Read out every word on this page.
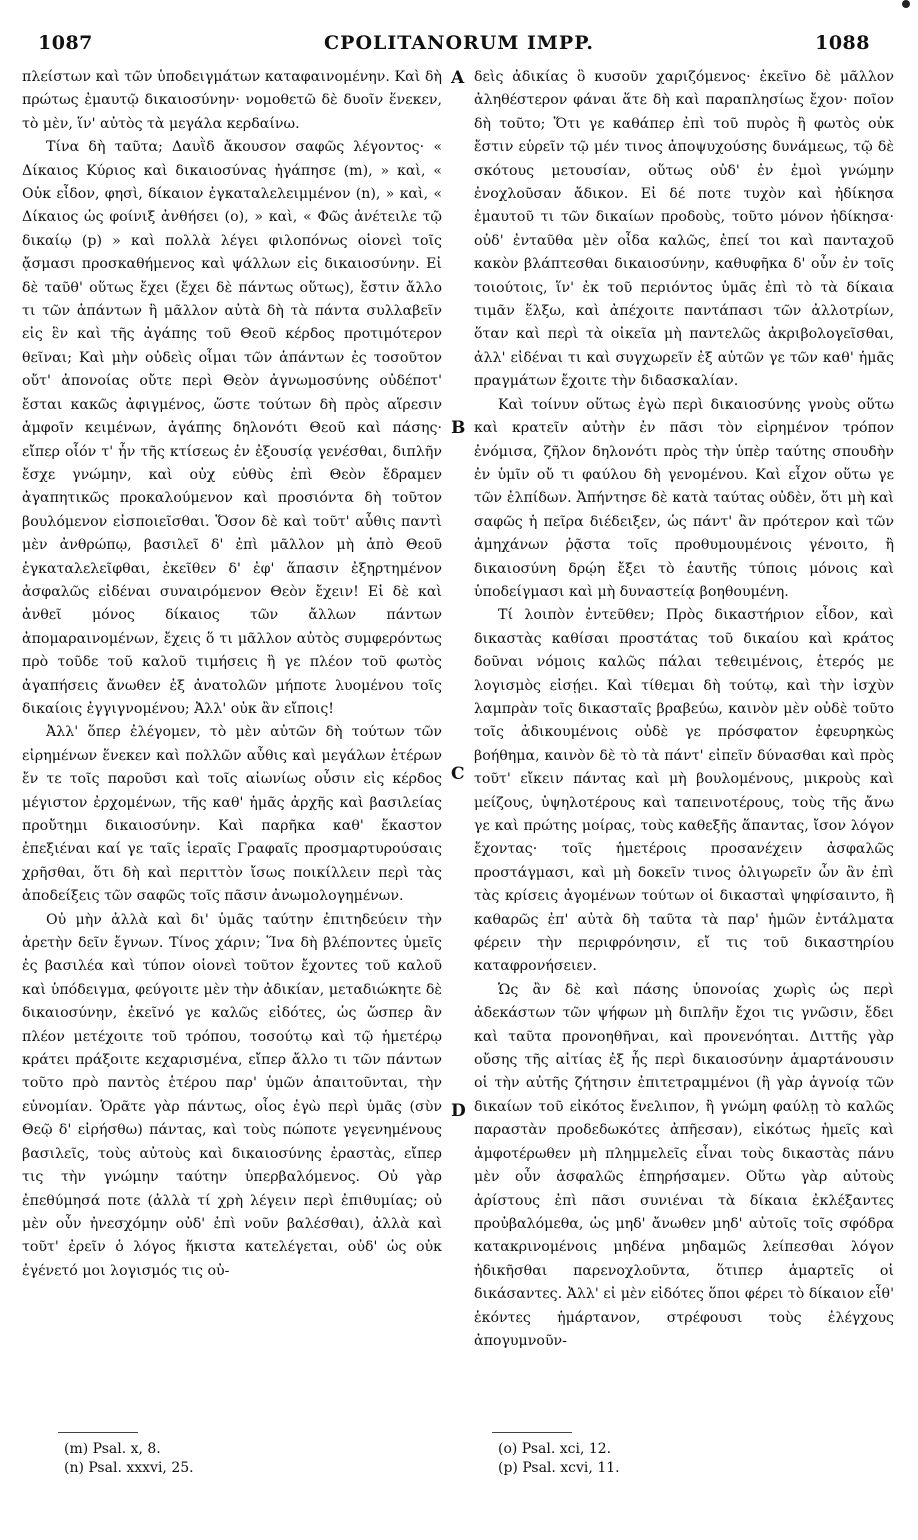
1087	CPOLITANORUM IMPP.	1088

πλείστων καὶ τῶν ὑποδειγμάτων καταφαινομένην. Καὶ δὴ πρώτως ἐμαυτῷ δικαιοσύνην· νομοθετῶ δὲ δυοῖν ἕνεκεν, τὸ μὲν, ἵν' αὐτὸς τὰ μεγάλα κερδαίνω.

Τίνα δὴ ταῦτα; Δαυῒδ ἄκουσον σαφῶς λέγοντος· « Δίκαιος Κύριος καὶ δικαιοσύνας ἠγάπησε (m), » καὶ, « Οὐκ εἶδον, φησὶ, δίκαιον ἐγκαταλελειμμένον (n), » καὶ, « Δίκαιος ὡς φοίνιξ ἀνθήσει (o), » καὶ, « Φῶς ἀνέτειλε τῷ δικαίῳ (p) » καὶ πολλὰ λέγει φιλοπόνως οἱονεὶ τοῖς ᾄσμασι προσκαθήμενος καὶ ψάλλων εἰς δικαιοσύνην. Εἰ δὲ ταῦθ' οὕτως ἔχει (ἔχει δὲ πάντως οὕτως), ἔστιν ἄλλο τι τῶν ἁπάντων ἢ μᾶλλον αὐτὰ δὴ τὰ πάντα συλλαβεῖν εἰς ἓν καὶ τῆς ἀγάπης τοῦ Θεοῦ κέρδος προτιμότερον θεῖναι; Καὶ μὴν οὐδεὶς οἶμαι τῶν ἁπάντων ἐς τοσοῦτον οὔτ' ἀπονοίας οὔτε περὶ Θεὸν ἀγνωμοσύνης οὐδέποτ' ἔσται κακῶς ἀφιγμένος, ὥστε τούτων δὴ πρὸς αἵρεσιν ἀμφοῖν κειμένων, ἀγάπης δηλονότι Θεοῦ καὶ πάσης· εἴπερ οἷόν τ' ἦν τῆς κτίσεως ἐν ἐξουσίᾳ γενέσθαι, διπλῆν ἔσχε γνώμην, καὶ οὐχ εὐθὺς ἐπὶ Θεὸν ἔδραμεν ἀγαπητικῶς προκαλούμενον καὶ προσιόντα δὴ τοῦτον βουλόμενον εἰσποιεῖσθαι. Ὅσον δὲ καὶ τοῦτ' αὖθις παντὶ μὲν ἀνθρώπῳ, βασιλεῖ δ' ἐπὶ μᾶλλον μὴ ἀπὸ Θεοῦ ἐγκαταλελεῖφθαι, ἐκεῖθεν δ' ἐφ' ἅπασιν ἐξηρτημένον ἀσφαλῶς εἰδέναι συναιρόμενον Θεὸν ἔχειν! Εἰ δὲ καὶ ἀνθεῖ μόνος δίκαιος τῶν ἄλλων πάντων ἀπομαραινομένων, ἔχεις ὅ τι μᾶλλον αὐτὸς συμφερόντως πρὸ τοῦδε τοῦ καλοῦ τιμήσεις ἢ γε πλέον τοῦ φωτὸς ἀγαπήσεις ἄνωθεν ἐξ ἀνατολῶν μήποτε λυομένου τοῖς δικαίοις ἐγγιγνομένου; Ἀλλ' οὐκ ἂν εἴποις!

Ἀλλ' ὅπερ ἐλέγομεν, τὸ μὲν αὐτῶν δὴ τούτων τῶν εἰρημένων ἕνεκεν καὶ πολλῶν αὖθις καὶ μεγάλων ἑτέρων ἔν τε τοῖς παροῦσι καὶ τοῖς αἰωνίως οὖσιν εἰς κέρδος μέγιστον ἐρχομένων, τῆς καθ' ἡμᾶς ἀρχῆς καὶ βασιλείας προὔτημι δικαιοσύνην. Καὶ παρῆκα καθ' ἕκαστον ἐπεξιέναι καί γε ταῖς ἱεραῖς Γραφαῖς προσμαρτυρούσαις χρῆσθαι, ὅτι δὴ καὶ περιττὸν ἴσως ποικίλλειν περὶ τὰς ἀποδείξεις τῶν σαφῶς τοῖς πᾶσιν ἀνωμολογημένων.

Οὐ μὴν ἀλλὰ καὶ δι' ὑμᾶς ταύτην ἐπιτηδεύειν τὴν ἀρετὴν δεῖν ἔγνων. Τίνος χάριν; Ἵνα δὴ βλέποντες ὑμεῖς ἐς βασιλέα καὶ τύπον οἱονεὶ τοῦτον ἔχοντες τοῦ καλοῦ καὶ ὑπόδειγμα, φεύγοιτε μὲν τὴν ἀδικίαν, μεταδιώκητε δὲ δικαιοσύνην, ἐκεῖνό γε καλῶς εἰδότες, ὡς ὥσπερ ἂν πλέον μετέχοιτε τοῦ τρόπου, τοσούτῳ καὶ τῷ ἡμετέρῳ κράτει πράξοιτε κεχαρισμένα, εἴπερ ἄλλο τι τῶν πάντων τοῦτο πρὸ παντὸς ἑτέρου παρ' ὑμῶν ἀπαιτοῦνται, τὴν εὐνομίαν. Ὁρᾶτε γὰρ πάντως, οἷος ἐγὼ περὶ ὑμᾶς (σὺν Θεῷ δ' εἰρήσθω) πάντας, καὶ τοὺς πώποτε γεγενημένους βασιλεῖς, τοὺς αὐτοὺς καὶ δικαιοσύνης ἐραστὰς, εἴπερ τις τὴν γνώμην ταύτην ὑπερβαλόμενος. Οὐ γὰρ ἐπεθύμησά ποτε (ἀλλὰ τί χρὴ λέγειν περὶ ἐπιθυμίας; οὐ μὲν οὖν ἠνεσχόμην οὐδ' ἐπὶ νοῦν βαλέσθαι), ἀλλὰ καὶ τοῦτ' ἐρεῖν ὁ λόγος ἥκιστα κατελέγεται, οὐδ' ὡς οὐκ ἐγένετό μοι λογισμός τις οὐ-

δεὶς ἀδικίας ὃ κυσοῦν χαριζόμενος· ἐκεῖνο δὲ μᾶλλον ἀληθέστερον φάναι ἅτε δὴ καὶ παραπλησίως ἔχον· ποῖον δὴ τοῦτο; Ὅτι γε καθάπερ ἐπὶ τοῦ πυρὸς ἢ φωτὸς οὐκ ἔστιν εὑρεῖν τῷ μέν τινος ἀποψυχούσης δυνάμεως, τῷ δὲ σκότους μετουσίαν, οὕτως οὐδ' ἐν ἐμοὶ γνώμην ἐνοχλοῦσαν ἄδικον. Εἰ δέ ποτε τυχὸν καὶ ἠδίκησα ἐμαυτοῦ τι τῶν δικαίων προδοὺς, τοῦτο μόνον ἠδίκησα· οὐδ' ἐνταῦθα μὲν οἶδα καλῶς, ἐπεί τοι καὶ πανταχοῦ κακὸν βλάπτεσθαι δικαιοσύνην, καθυφῆκα δ' οὖν ἐν τοῖς τοιούτοις, ἵν' ἐκ τοῦ περιόντος ὑμᾶς ἐπὶ τὸ τὰ δίκαια τιμᾶν ἕλξω, καὶ ἀπέχοιτε παντάπασι τῶν ἀλλοτρίων, ὅταν καὶ περὶ τὰ οἰκεῖα μὴ παντελῶς ἀκριβολογεῖσθαι, ἀλλ' εἰδέναι τι καὶ συγχωρεῖν ἐξ αὐτῶν γε τῶν καθ' ἡμᾶς πραγμάτων ἔχοιτε τὴν διδασκαλίαν.

Καὶ τοίνυν οὕτως ἐγὼ περὶ δικαιοσύνης γνοὺς οὕτω καὶ κρατεῖν αὐτὴν ἐν πᾶσι τὸν εἰρημένον τρόπον ἐνόμισα, ζῆλον δηλονότι πρὸς τὴν ὑπὲρ ταύτης σπουδὴν ἐν ὑμῖν οὔ τι φαύλου δὴ γενομένου. Καὶ εἶχον οὕτω γε τῶν ἐλπίδων. Ἀπήντησε δὲ κατὰ ταύτας οὐδὲν, ὅτι μὴ καὶ σαφῶς ἡ πεῖρα διέδειξεν, ὡς πάντ' ἂν πρότερον καὶ τῶν ἀμηχάνων ῥᾷστα τοῖς προθυμουμένοις γένοιτο, ἢ δικαιοσύνη δρῴη ἔξει τὸ ἑαυτῆς τύποις μόνοις καὶ ὑποδείγμασι καὶ μὴ δυναστείᾳ βοηθουμένη.

Τί λοιπὸν ἐντεῦθεν; Πρὸς δικαστήριον εἶδον, καὶ δικαστὰς καθίσαι προστάτας τοῦ δικαίου καὶ κράτος δοῦναι νόμοις καλῶς πάλαι τεθειμένοις, ἑτερός με λογισμὸς εἰσῄει. Καὶ τίθεμαι δὴ τούτῳ, καὶ τὴν ἰσχὺν λαμπρὰν τοῖς δικασταῖς βραβεύω, καινὸν μὲν οὐδὲ τοῦτο τοῖς ἀδικουμένοις οὐδὲ γε πρόσφατον ἐφευρηκὼς βοήθημα, καινὸν δὲ τὸ τὰ πάντ' εἰπεῖν δύνασθαι καὶ πρὸς τοῦτ' εἴκειν πάντας καὶ μὴ βουλομένους, μικροὺς καὶ μείζους, ὑψηλοτέρους καὶ ταπεινοτέρους, τοὺς τῆς ἄνω γε καὶ πρώτης μοίρας, τοὺς καθεξῆς ἅπαντας, ἴσον λόγον ἔχοντας· τοῖς ἡμετέροις προσανέχειν ἀσφαλῶς προστάγμασι, καὶ μὴ δοκεῖν τινος ὀλιγωρεῖν ὧν ἂν ἐπὶ τὰς κρίσεις ἀγομένων τούτων οἱ δικασταὶ ψηφίσαιντο, ἢ καθαρῶς ἐπ' αὐτὰ δὴ ταῦτα τὰ παρ' ἡμῶν ἐντάλματα φέρειν τὴν περιφρόνησιν, εἴ τις τοῦ δικαστηρίου καταφρονήσειεν.

Ὡς ἂν δὲ καὶ πάσης ὑπονοίας χωρὶς ὡς περὶ ἀδεκάστων τῶν ψήφων μὴ διπλῆν ἔχοι τις γνῶσιν, ἔδει καὶ ταῦτα προνοηθῆναι, καὶ προνενόηται. Διττῆς γὰρ οὔσης τῆς αἰτίας ἐξ ἧς περὶ δικαιοσύνην ἁμαρτάνουσιν οἱ τὴν αὐτῆς ζήτησιν ἐπιτετραμμένοι (ἢ γὰρ ἀγνοίᾳ τῶν δικαίων τοῦ εἰκότος ἔνελιπον, ἢ γνώμη φαύλῃ τὸ καλῶς παραστὰν προδεδωκότες ἀπῆεσαν), εἰκότως ἡμεῖς καὶ ἀμφοτέρωθεν μὴ πλημμελεῖς εἶναι τοὺς δικαστὰς πάνυ μὲν οὖν ἀσφαλῶς ἐπηρήσαμεν. Οὕτω γὰρ αὐτοὺς ἀρίστους ἐπὶ πᾶσι συνιέναι τὰ δίκαια ἐκλέξαντες προὐβαλόμεθα, ὡς μηδ' ἄνωθεν μηδ' αὐτοῖς τοῖς σφόδρα κατακρινομένοις μηδένα μηδαμῶς λείπεσθαι λόγον ἠδικῆσθαι παρενοχλοῦντα, ὅτιπερ ἁμαρτεῖς οἱ δικάσαντες. Ἀλλ' εἰ μὲν εἰδότες ὅποι φέρει τὸ δίκαιον εἶθ' ἑκόντες ἡμάρτανον, στρέφουσι τοὺς ἐλέγχους ἀπογυμνοῦν-

A
B
C
D
(m) Psal. x, 8.
(n) Psal. xxxvi, 25.
(o) Psal. xci, 12.
(p) Psal. xcvi, 11.
